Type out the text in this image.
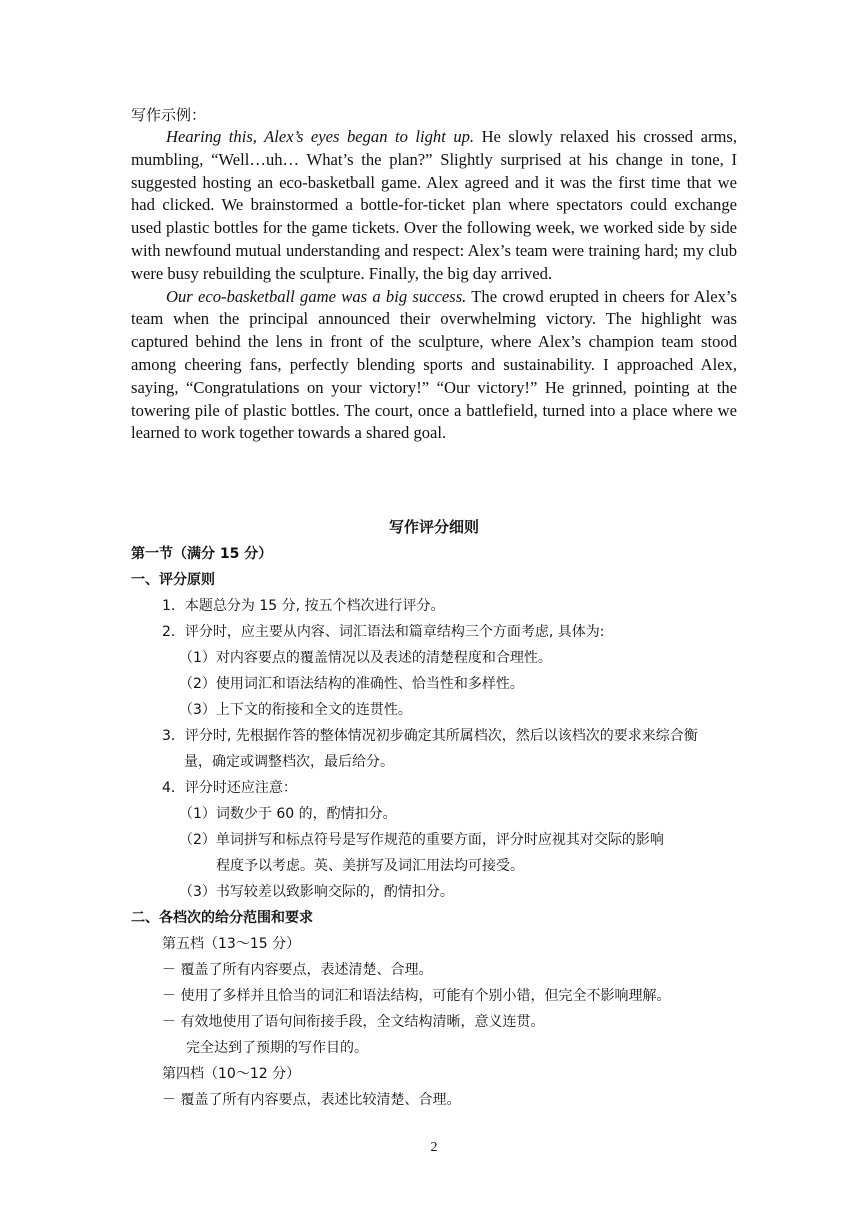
写作示例：

Hearing this, Alex’s eyes began to light up. He slowly relaxed his crossed arms, mumbling, “Well…uh… What’s the plan?” Slightly surprised at his change in tone, I suggested hosting an eco-basketball game. Alex agreed and it was the first time that we had clicked. We brainstormed a bottle-for-ticket plan where spectators could exchange used plastic bottles for the game tickets. Over the following week, we worked side by side with newfound mutual understanding and respect: Alex’s team were training hard; my club were busy rebuilding the sculpture. Finally, the big day arrived.

Our eco-basketball game was a big success. The crowd erupted in cheers for Alex’s team when the principal announced their overwhelming victory. The highlight was captured behind the lens in front of the sculpture, where Alex’s champion team stood among cheering fans, perfectly blending sports and sustainability. I approached Alex, saying, “Congratulations on your victory!” “Our victory!” He grinned, pointing at the towering pile of plastic bottles. The court, once a battlefield, turned into a place where we learned to work together towards a shared goal.

写作评分细则
第一节（满分 15 分）
一、评分原则
1．本题总分为 15 分, 按五个档次进行评分。
2．评分时，应主要从内容、词汇语法和篇章结构三个方面考虑, 具体为:
（1）对内容要点的覆盖情况以及表述的清楚程度和合理性。
（2）使用词汇和语法结构的准确性、恰当性和多样性。
（3）上下文的衔接和全文的连贯性。
3．评分时, 先根据作答的整体情况初步确定其所属档次，然后以该档次的要求来综合衡
量，确定或调整档次，最后给分。
4．评分时还应注意：
（1）词数少于 60 的，酌情扣分。
（2）单词拼写和标点符号是写作规范的重要方面，评分时应视其对交际的影响
程度予以考虑。英、美拼写及词汇用法均可接受。
（3）书写较差以致影响交际的，酌情扣分。
二、各档次的给分范围和要求
第五档（13～15 分）
－ 覆盖了所有内容要点，表述清楚、合理。
－ 使用了多样并且恰当的词汇和语法结构，可能有个别小错，但完全不影响理解。
－ 有效地使用了语句间衔接手段，全文结构清晰，意义连贯。
完全达到了预期的写作目的。
第四档（10～12 分）
－ 覆盖了所有内容要点，表述比较清楚、合理。
2
